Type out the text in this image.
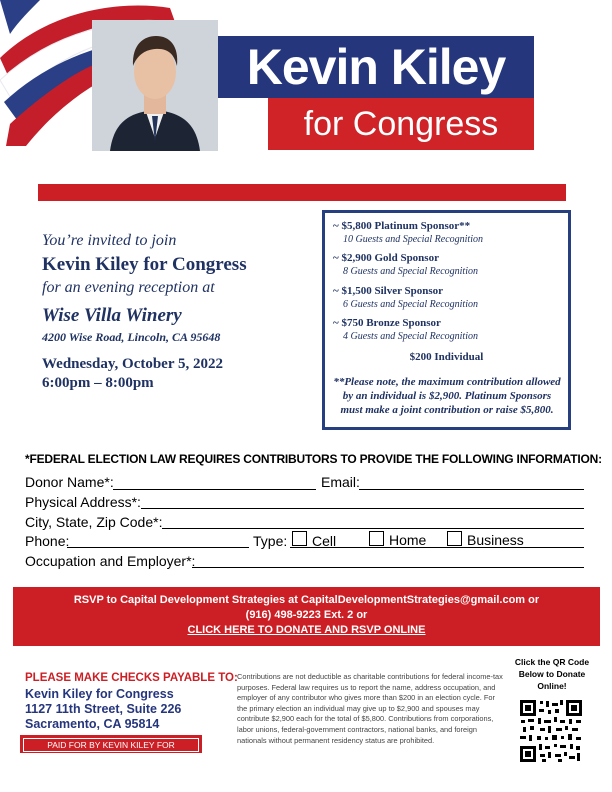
Kevin Kiley
for Congress
You’re invited to join
Kevin Kiley for Congress
for an evening reception at
Wise Villa Winery
4200 Wise Road, Lincoln, CA 95648
Wednesday, October 5, 2022
6:00pm – 8:00pm
~ $5,800 Platinum Sponsor**
10 Guests and Special Recognition
~ $2,900 Gold Sponsor
8 Guests and Special Recognition
~ $1,500 Silver Sponsor
6 Guests and Special Recognition
~ $750 Bronze Sponsor
4 Guests and Special Recognition
$200 Individual
**Please note, the maximum contribution allowed by an individual is $2,900. Platinum Sponsors must make a joint contribution or raise $5,800.
*FEDERAL ELECTION LAW REQUIRES CONTRIBUTORS TO PROVIDE THE FOLLOWING INFORMATION:
Donor Name*:	Email:
Physical Address*:
City, State, Zip Code*:
Phone:	Type: Cell	Home	Business
Occupation and Employer*:
RSVP to Capital Development Strategies at CapitalDevelopmentStrategies@gmail.com or
(916) 498-9223 Ext. 2 or
CLICK HERE TO DONATE AND RSVP ONLINE
PLEASE MAKE CHECKS PAYABLE TO:
Kevin Kiley for Congress
1127 11th Street, Suite 226
Sacramento, CA 95814
PAID FOR BY KEVIN KILEY FOR CONGRESS
Contributions are not deductible as charitable contributions for federal income-tax purposes. Federal law requires us to report the name, address occupation, and employer of any contributor who gives more than $200 in an election cycle. For the primary election an individual may give up to $2,900 and spouses may contribute $2,900 each for the total of $5,800. Contributions from corporations, labor unions, federal-government contractors, national banks, and foreign nationals without permanent residency status are prohibited.
Click the QR Code Below to Donate Online!
